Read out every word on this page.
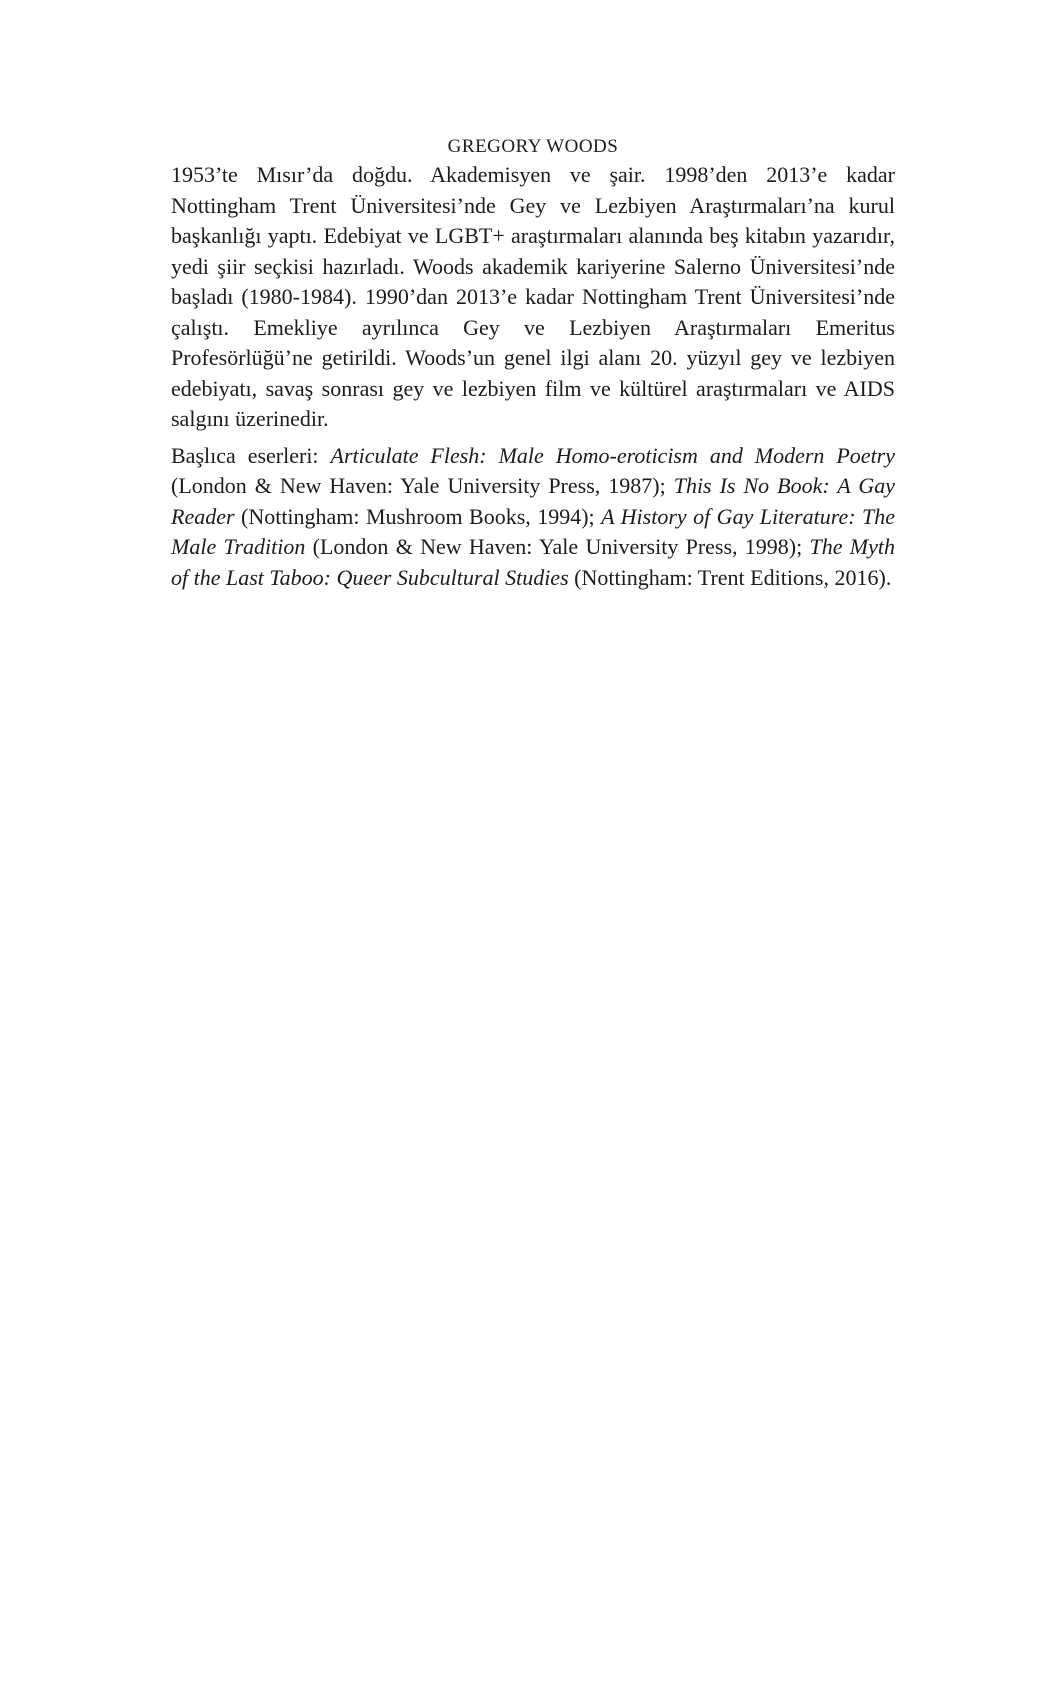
GREGORY WOODS

1953’te Mısır’da doğdu. Akademisyen ve şair. 1998’den 2013’e kadar Nottingham Trent Üniversitesi’nde Gey ve Lezbiyen Araştırmaları’na kurul başkanlığı yaptı. Edebiyat ve LGBT+ araştırmaları alanında beş kitabın yazarıdır, yedi şiir seçkisi hazırladı. Woods akademik kariyerine Salerno Üniversitesi’nde başladı (1980-1984). 1990’dan 2013’e kadar Nottingham Trent Üniversitesi’nde çalıştı. Emekliye ayrılınca Gey ve Lezbiyen Araştırmaları Emeritus Profesörlüğü’ne getirildi. Woods’un genel ilgi alanı 20. yüzyıl gey ve lezbiyen edebiyatı, savaş sonrası gey ve lezbiyen film ve kültürel araştırmaları ve AIDS salgını üzerinedir.

Başlıca eserleri: Articulate Flesh: Male Homo-eroticism and Modern Poetry (London & New Haven: Yale University Press, 1987); This Is No Book: A Gay Reader (Nottingham: Mushroom Books, 1994); A History of Gay Literature: The Male Tradition (London & New Haven: Yale University Press, 1998); The Myth of the Last Taboo: Queer Subcultural Studies (Nottingham: Trent Editions, 2016).
